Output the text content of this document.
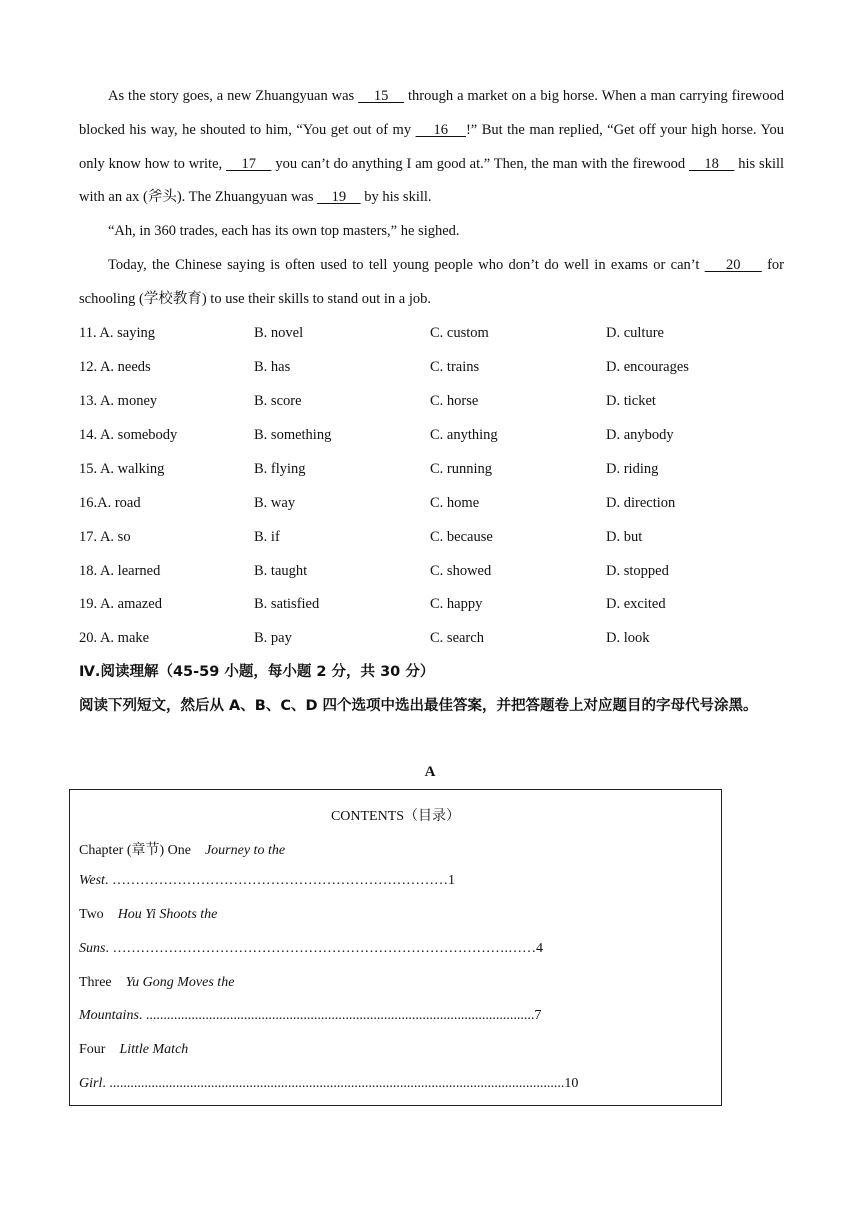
As the story goes, a new Zhuangyuan was     15     through a market on a big horse. When a man carrying firewood blocked his way, he shouted to him, “You get out of my     16    !” But the man replied, “Get off your high horse. You only know how to write,     17     you can’t do anything I am good at.” Then, the man with the firewood     18     his skill with an ax (斧头). The Zhuangyuan was     19     by his skill.
“Ah, in 360 trades, each has its own top masters,” he sighed.
Today, the Chinese saying is often used to tell young people who don’t do well in exams or can’t     20     for schooling (学校教育) to use their skills to stand out in a job.
11. A. saying	B. novel	C. custom	D. culture
12. A. needs	B. has	C. trains	D. encourages
13. A. money	B. score	C. horse	D. ticket
14. A. somebody	B. something	C. anything	D. anybody
15. A. walking	B. flying	C. running	D. riding
16.A. road	B. way	C. home	D. direction
17. A. so	B. if	C. because	D. but
18. A. learned	B. taught	C. showed	D. stopped
19. A. amazed	B. satisfied	C. happy	D. excited
20. A. make	B. pay	C. search	D. look
Ⅳ.阅读理解（45-59 小题，每小题 2 分，共 30 分）
阅读下列短文，然后从 A、B、C、D 四个选项中选出最佳答案，并把答题卷上对应题目的字母代号涂黑。
A
CONTENTS（目录）
Chapter (章节) One Journey to the
West. ………………………………………………………………1
Two Hou Yi Shoots the
Suns. ………………………………………………………………………….……4
Three Yu Gong Moves the
Mountains. ...............................................................................................................7
Four Little Match
Girl. ..................................................................................................................................10
